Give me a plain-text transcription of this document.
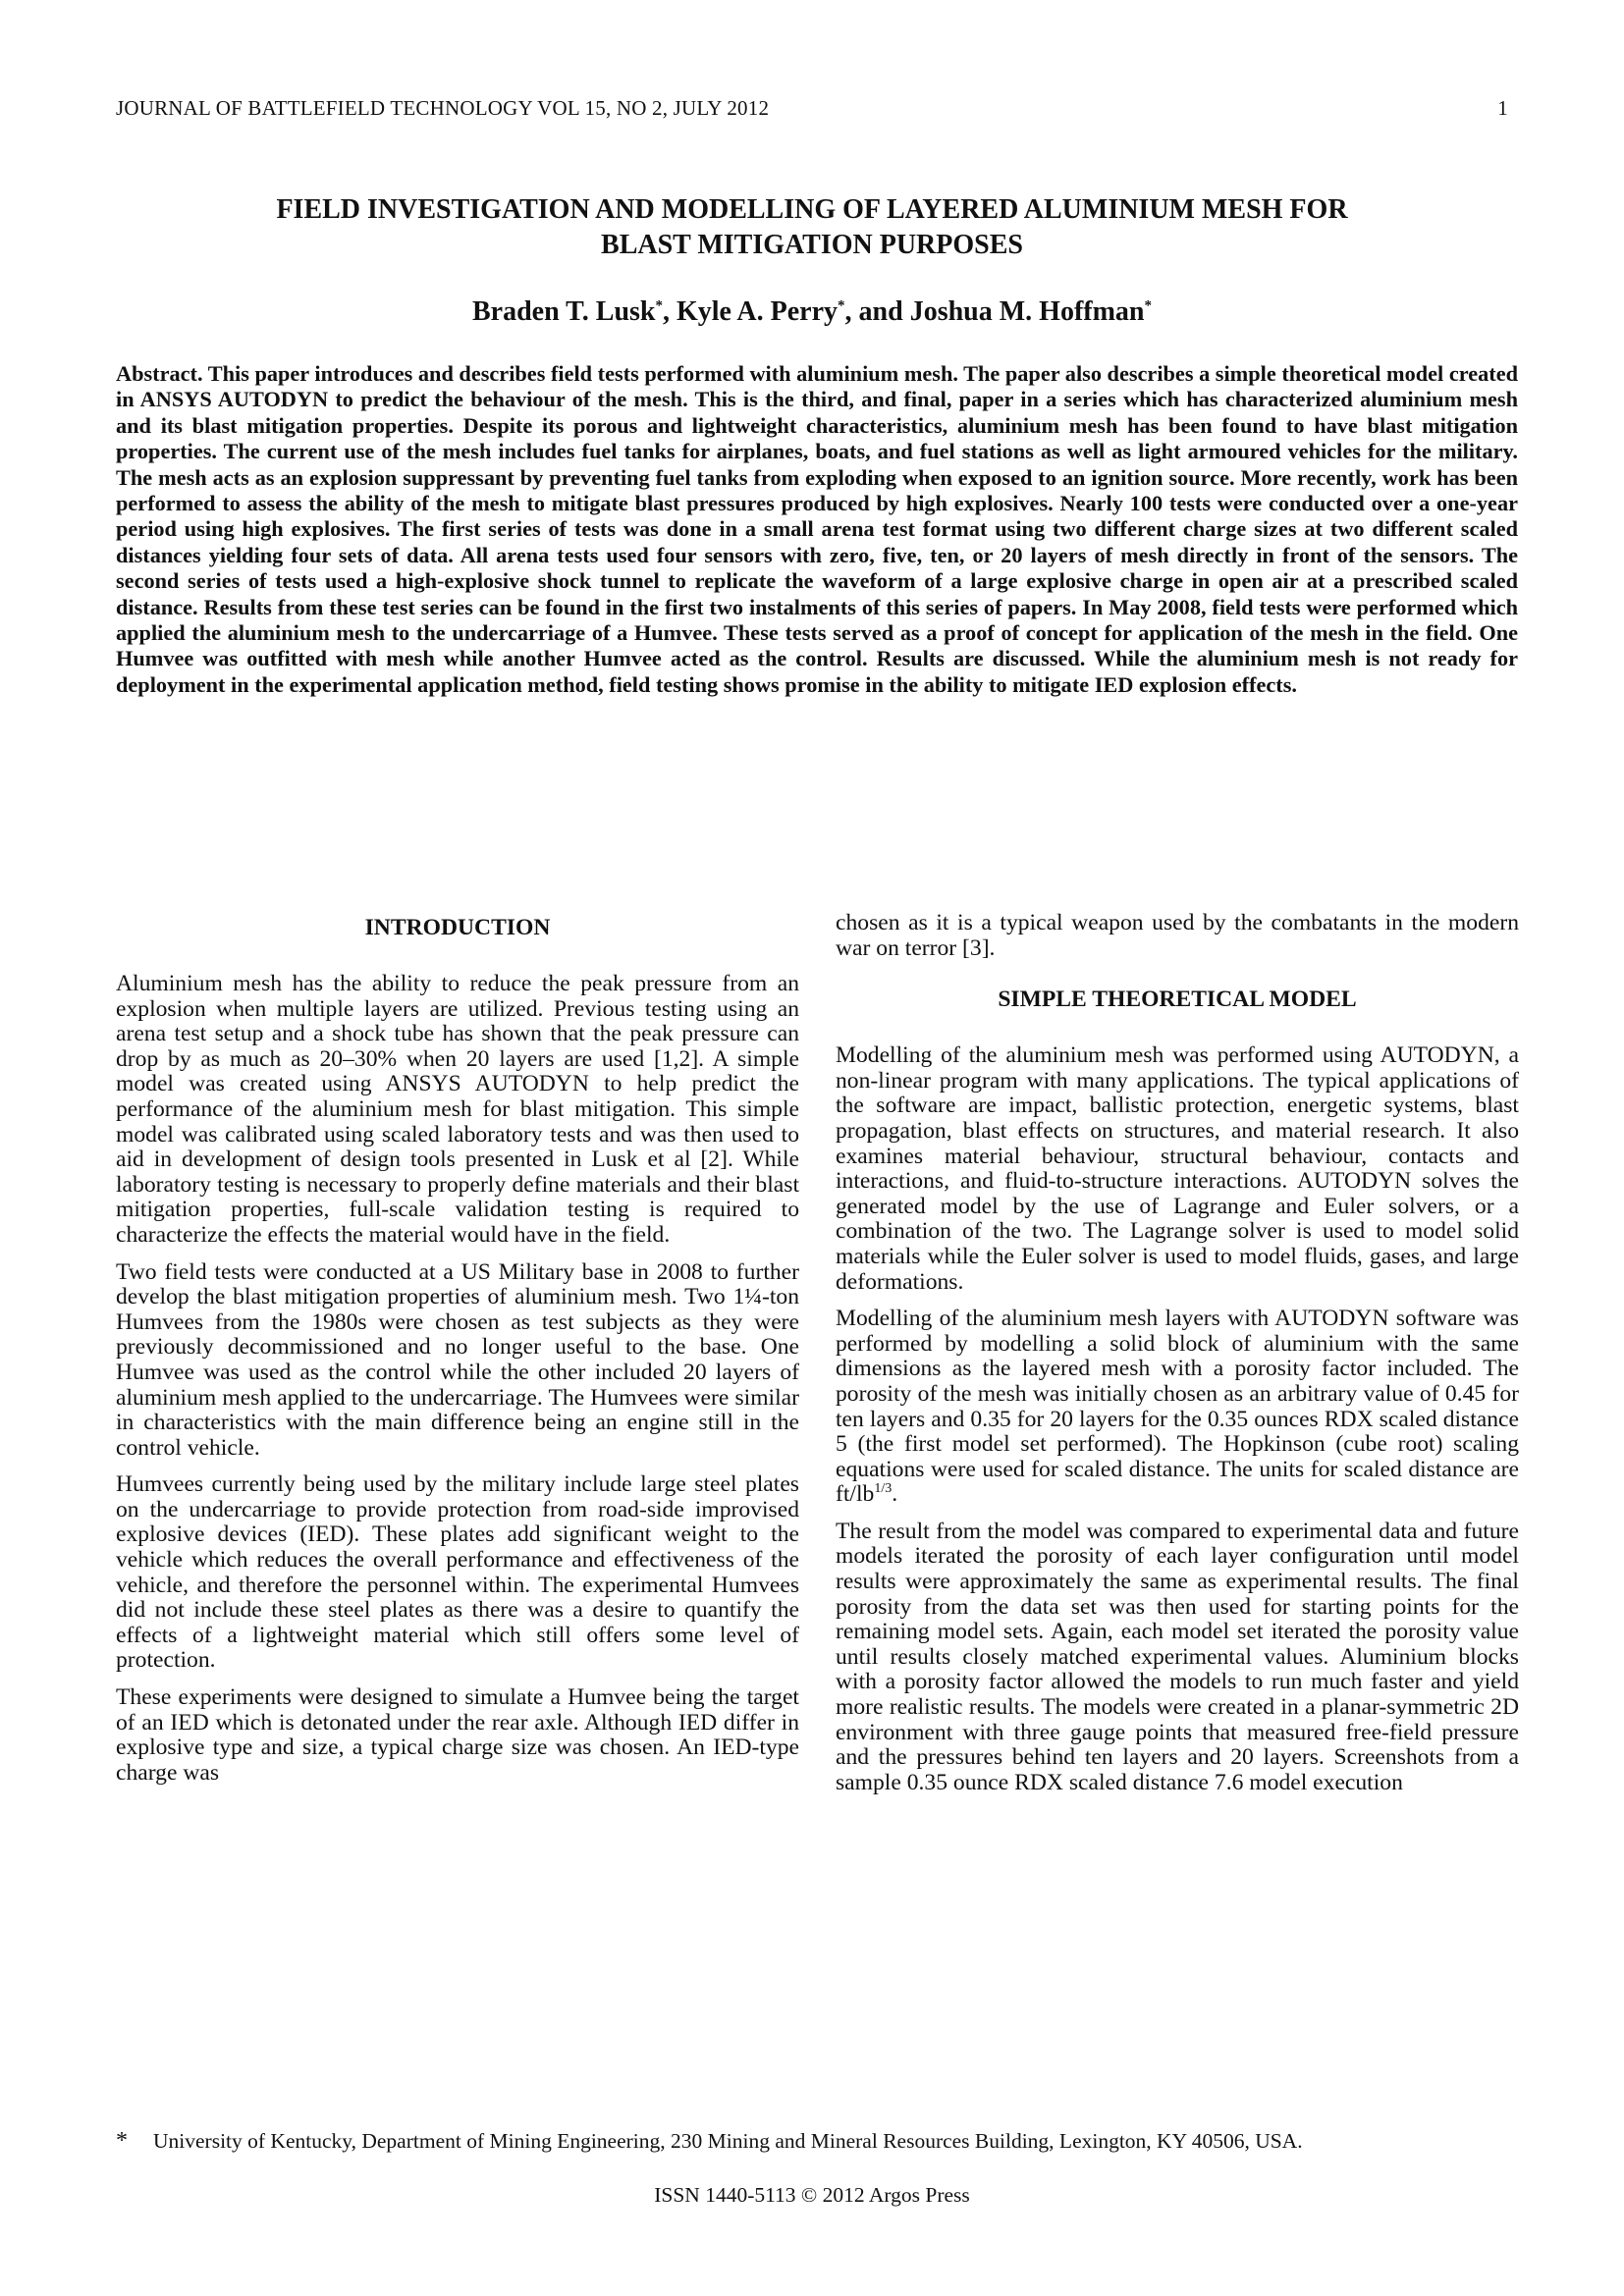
JOURNAL OF BATTLEFIELD TECHNOLOGY VOL 15, NO 2, JULY 2012	1
FIELD INVESTIGATION AND MODELLING OF LAYERED ALUMINIUM MESH FOR
BLAST MITIGATION PURPOSES
Braden T. Lusk*, Kyle A. Perry*, and Joshua M. Hoffman*

Abstract. This paper introduces and describes field tests performed with aluminium mesh. The paper also describes a simple theoretical model created in ANSYS AUTODYN to predict the behaviour of the mesh. This is the third, and final, paper in a series which has characterized aluminium mesh and its blast mitigation properties. Despite its porous and lightweight characteristics, aluminium mesh has been found to have blast mitigation properties. The current use of the mesh includes fuel tanks for airplanes, boats, and fuel stations as well as light armoured vehicles for the military. The mesh acts as an explosion suppressant by preventing fuel tanks from exploding when exposed to an ignition source. More recently, work has been performed to assess the ability of the mesh to mitigate blast pressures produced by high explosives. Nearly 100 tests were conducted over a one-year period using high explosives. The first series of tests was done in a small arena test format using two different charge sizes at two different scaled distances yielding four sets of data. All arena tests used four sensors with zero, five, ten, or 20 layers of mesh directly in front of the sensors. The second series of tests used a high-explosive shock tunnel to replicate the waveform of a large explosive charge in open air at a prescribed scaled distance. Results from these test series can be found in the first two instalments of this series of papers. In May 2008, field tests were performed which applied the aluminium mesh to the undercarriage of a Humvee. These tests served as a proof of concept for application of the mesh in the field. One Humvee was outfitted with mesh while another Humvee acted as the control. Results are discussed. While the aluminium mesh is not ready for deployment in the experimental application method, field testing shows promise in the ability to mitigate IED explosion effects.

INTRODUCTION

Aluminium mesh has the ability to reduce the peak pressure from an explosion when multiple layers are utilized. Previous testing using an arena test setup and a shock tube has shown that the peak pressure can drop by as much as 20–30% when 20 layers are used [1,2]. A simple model was created using ANSYS AUTODYN to help predict the performance of the aluminium mesh for blast mitigation. This simple model was calibrated using scaled laboratory tests and was then used to aid in development of design tools presented in Lusk et al [2]. While laboratory testing is necessary to properly define materials and their blast mitigation properties, full-scale validation testing is required to characterize the effects the material would have in the field.

Two field tests were conducted at a US Military base in 2008 to further develop the blast mitigation properties of aluminium mesh. Two 1¼-ton Humvees from the 1980s were chosen as test subjects as they were previously decommissioned and no longer useful to the base. One Humvee was used as the control while the other included 20 layers of aluminium mesh applied to the undercarriage. The Humvees were similar in characteristics with the main difference being an engine still in the control vehicle.

Humvees currently being used by the military include large steel plates on the undercarriage to provide protection from road-side improvised explosive devices (IED). These plates add significant weight to the vehicle which reduces the overall performance and effectiveness of the vehicle, and therefore the personnel within. The experimental Humvees did not include these steel plates as there was a desire to quantify the effects of a lightweight material which still offers some level of protection.

These experiments were designed to simulate a Humvee being the target of an IED which is detonated under the rear axle. Although IED differ in explosive type and size, a typical charge size was chosen. An IED-type charge was

chosen as it is a typical weapon used by the combatants in the modern war on terror [3].

SIMPLE THEORETICAL MODEL

Modelling of the aluminium mesh was performed using AUTODYN, a non-linear program with many applications. The typical applications of the software are impact, ballistic protection, energetic systems, blast propagation, blast effects on structures, and material research. It also examines material behaviour, structural behaviour, contacts and interactions, and fluid-to-structure interactions. AUTODYN solves the generated model by the use of Lagrange and Euler solvers, or a combination of the two. The Lagrange solver is used to model solid materials while the Euler solver is used to model fluids, gases, and large deformations.

Modelling of the aluminium mesh layers with AUTODYN software was performed by modelling a solid block of aluminium with the same dimensions as the layered mesh with a porosity factor included. The porosity of the mesh was initially chosen as an arbitrary value of 0.45 for ten layers and 0.35 for 20 layers for the 0.35 ounces RDX scaled distance 5 (the first model set performed). The Hopkinson (cube root) scaling equations were used for scaled distance. The units for scaled distance are $ft/lb^{1/3}$.

The result from the model was compared to experimental data and future models iterated the porosity of each layer configuration until model results were approximately the same as experimental results. The final porosity from the data set was then used for starting points for the remaining model sets. Again, each model set iterated the porosity value until results closely matched experimental values. Aluminium blocks with a porosity factor allowed the models to run much faster and yield more realistic results. The models were created in a planar-symmetric 2D environment with three gauge points that measured free-field pressure and the pressures behind ten layers and 20 layers. Screenshots from a sample 0.35 ounce RDX scaled distance 7.6 model execution

* University of Kentucky, Department of Mining Engineering, 230 Mining and Mineral Resources Building, Lexington, KY 40506, USA.
ISSN 1440-5113 © 2012 Argos Press
